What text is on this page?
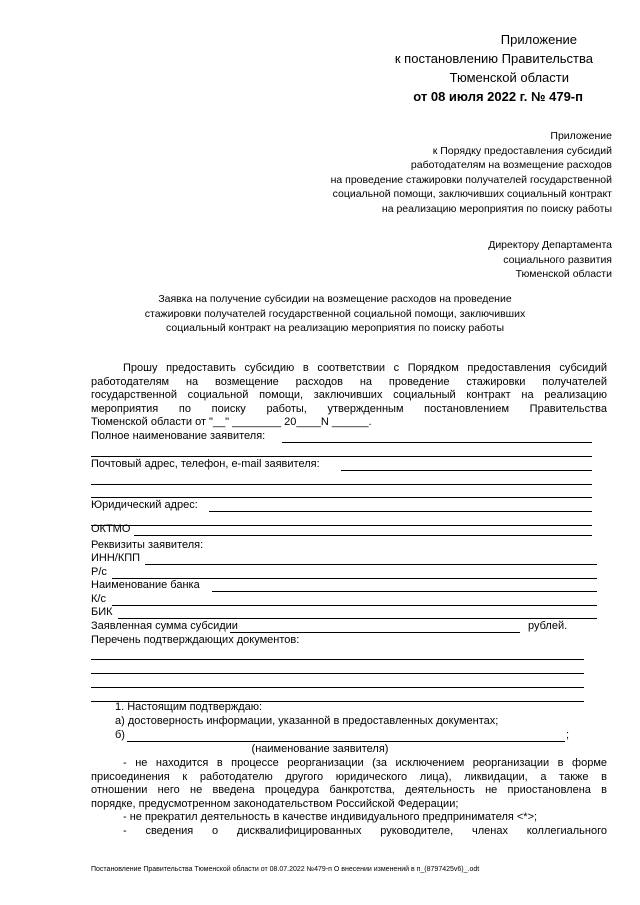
Приложение
к постановлению Правительства
Тюменской области
от 08 июля 2022 г. № 479-п
Приложение
к Порядку предоставления субсидий
работодателям на возмещение расходов
на проведение стажировки получателей государственной
социальной помощи, заключивших социальный контракт
на реализацию мероприятия по поиску работы
Директору Департамента
социального развития
Тюменской области
Заявка на получение субсидии на возмещение расходов на проведение
стажировки получателей государственной социальной помощи, заключивших
социальный контракт на реализацию мероприятия по поиску работы
Прошу предоставить субсидию в соответствии с Порядком предоставления субсидий
работодателям на возмещение расходов на проведение стажировки получателей
государственной социальной помощи, заключивших социальный контракт на реализацию
мероприятия по поиску работы, утвержденным постановлением Правительства
Тюменской области от "__" ________ 20____N ______.
Полное наименование заявителя:
Почтовый адрес, телефон, e-mail заявителя:
Юридический адрес:
ОКТМО
Реквизиты заявителя:
ИНН/КПП
Р/с
Наименование банка
К/с
БИК
Заявленная сумма субсидии	рублей.
Перечень подтверждающих документов:
1. Настоящим подтверждаю:
а) достоверность информации, указанной в предоставленных документах;
б)	;
(наименование заявителя)
- не находится в процессе реорганизации (за исключением реорганизации в форме
присоединения к работодателю другого юридического лица), ликвидации, а также в
отношении него не введена процедура банкротства, деятельность не приостановлена в
порядке, предусмотренном законодательством Российской Федерации;
- не прекратил деятельность в качестве индивидуального предпринимателя <*>;
- сведения о дисквалифицированных руководителе, членах коллегиального
Постановление Правительства Тюменской области от 08.07.2022 №479-п О внесении изменений в п_(8797425v6)_.odt
